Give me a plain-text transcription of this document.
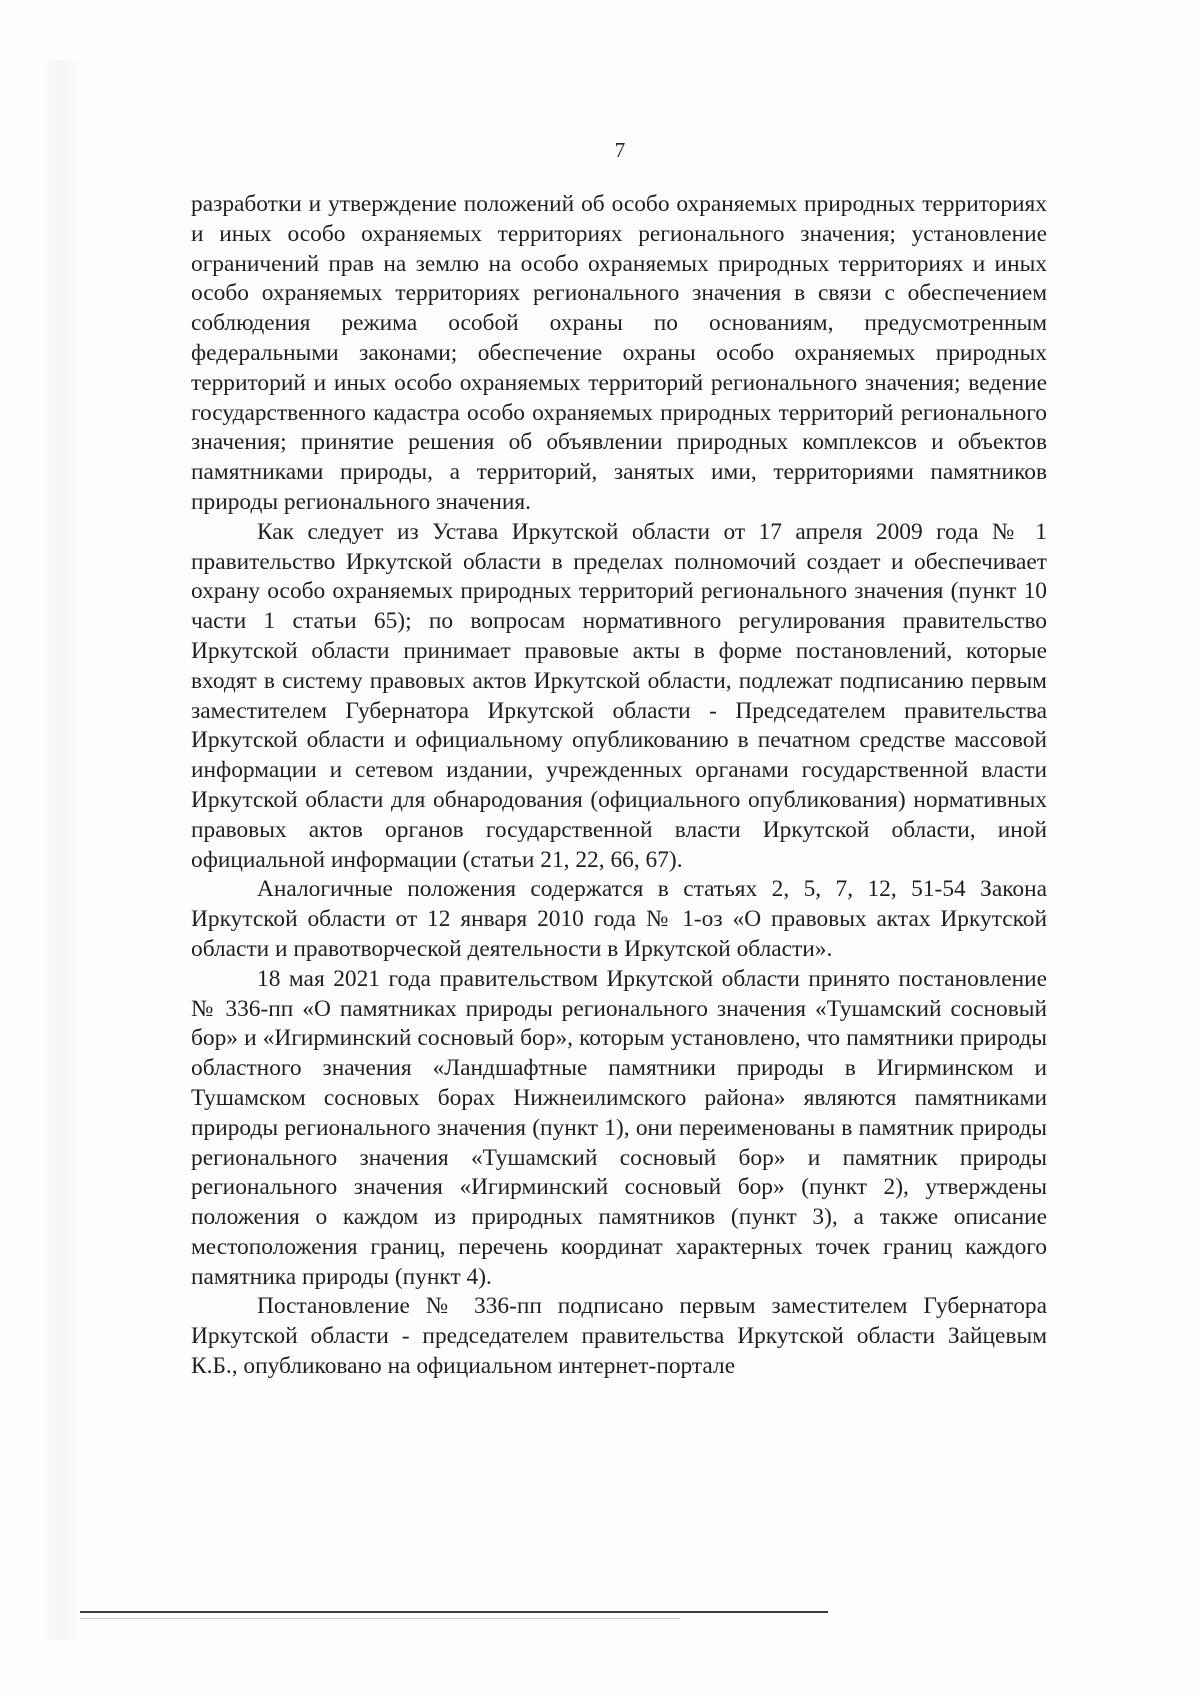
7

разработки и утверждение положений об особо охраняемых природных территориях и иных особо охраняемых территориях регионального значения; установление ограничений прав на землю на особо охраняемых природных территориях и иных особо охраняемых территориях регионального значения в связи с обеспечением соблюдения режима особой охраны по основаниям, предусмотренным федеральными законами; обеспечение охраны особо охраняемых природных территорий и иных особо охраняемых территорий регионального значения; ведение государственного кадастра особо охраняемых природных территорий регионального значения; принятие решения об объявлении природных комплексов и объектов памятниками природы, а территорий, занятых ими, территориями памятников природы регионального значения.

Как следует из Устава Иркутской области от 17 апреля 2009 года № 1 правительство Иркутской области в пределах полномочий создает и обеспечивает охрану особо охраняемых природных территорий регионального значения (пункт 10 части 1 статьи 65); по вопросам нормативного регулирования правительство Иркутской области принимает правовые акты в форме постановлений, которые входят в систему правовых актов Иркутской области, подлежат подписанию первым заместителем Губернатора Иркутской области - Председателем правительства Иркутской области и официальному опубликованию в печатном средстве массовой информации и сетевом издании, учрежденных органами государственной власти Иркутской области для обнародования (официального опубликования) нормативных правовых актов органов государственной власти Иркутской области, иной официальной информации (статьи 21, 22, 66, 67).

Аналогичные положения содержатся в статьях 2, 5, 7, 12, 51-54 Закона Иркутской области от 12 января 2010 года № 1-оз «О правовых актах Иркутской области и правотворческой деятельности в Иркутской области».

18 мая 2021 года правительством Иркутской области принято постановление № 336-пп «О памятниках природы регионального значения «Тушамский сосновый бор» и «Игирминский сосновый бор», которым установлено, что памятники природы областного значения «Ландшафтные памятники природы в Игирминском и Тушамском сосновых борах Нижнеилимского района» являются памятниками природы регионального значения (пункт 1), они переименованы в памятник природы регионального значения «Тушамский сосновый бор» и памятник природы регионального значения «Игирминский сосновый бор» (пункт 2), утверждены положения о каждом из природных памятников (пункт 3), а также описание местоположения границ, перечень координат характерных точек границ каждого памятника природы (пункт 4).

Постановление № 336-пп подписано первым заместителем Губернатора Иркутской области - председателем правительства Иркутской области Зайцевым К.Б., опубликовано на официальном интернет-портале
